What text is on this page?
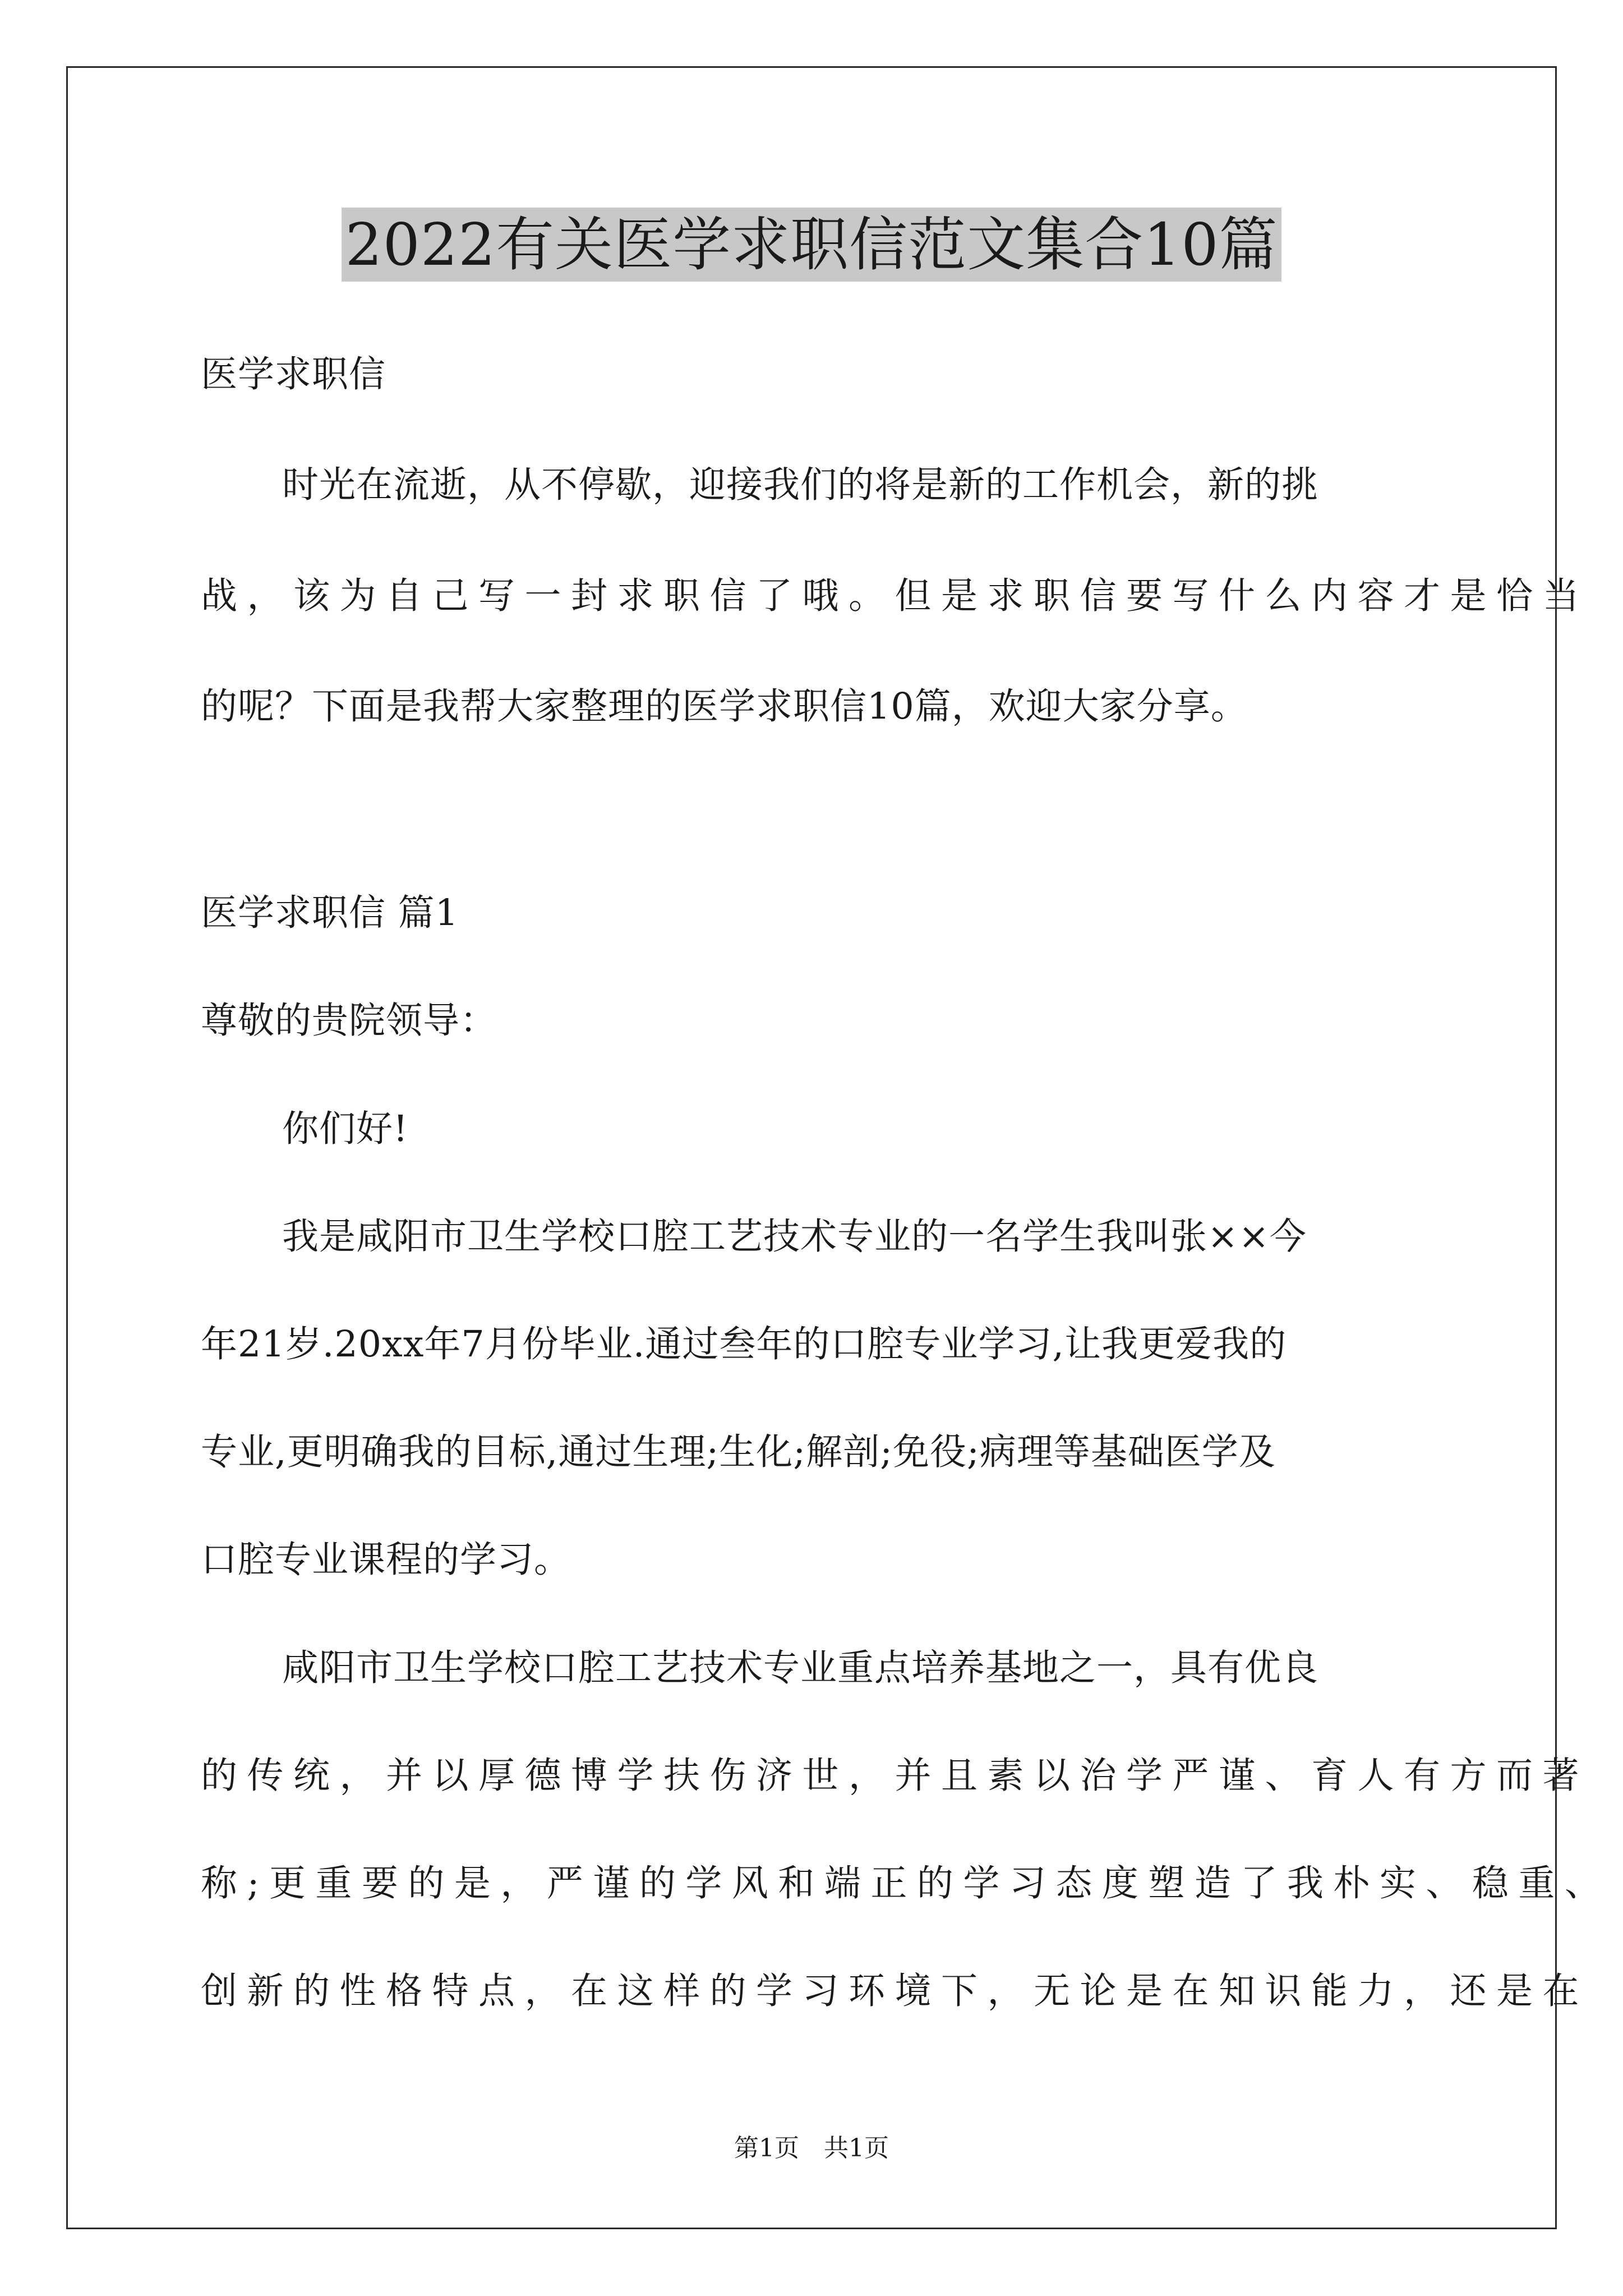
2022有关医学求职信范文集合10篇
医学求职信
时光在流逝，从不停歇，迎接我们的将是新的工作机会，新的挑
战，该为自己写一封求职信了哦。但是求职信要写什么内容才是恰当
的呢？下面是我帮大家整理的医学求职信10篇，欢迎大家分享。
医学求职信 篇1
尊敬的贵院领导：
你们好!
我是咸阳市卫生学校口腔工艺技术专业的一名学生我叫张××今
年21岁.20xx年7月份毕业.通过叁年的口腔专业学习,让我更爱我的
专业,更明确我的目标,通过生理;生化;解剖;免役;病理等基础医学及
口腔专业课程的学习。
咸阳市卫生学校口腔工艺技术专业重点培养基地之一，具有优良
的传统，并以厚德博学扶伤济世，并且素以治学严谨、育人有方而著
称;更重要的是，严谨的学风和端正的学习态度塑造了我朴实、稳重、
创新的性格特点，在这样的学习环境下，无论是在知识能力，还是在
第1页　共1页
